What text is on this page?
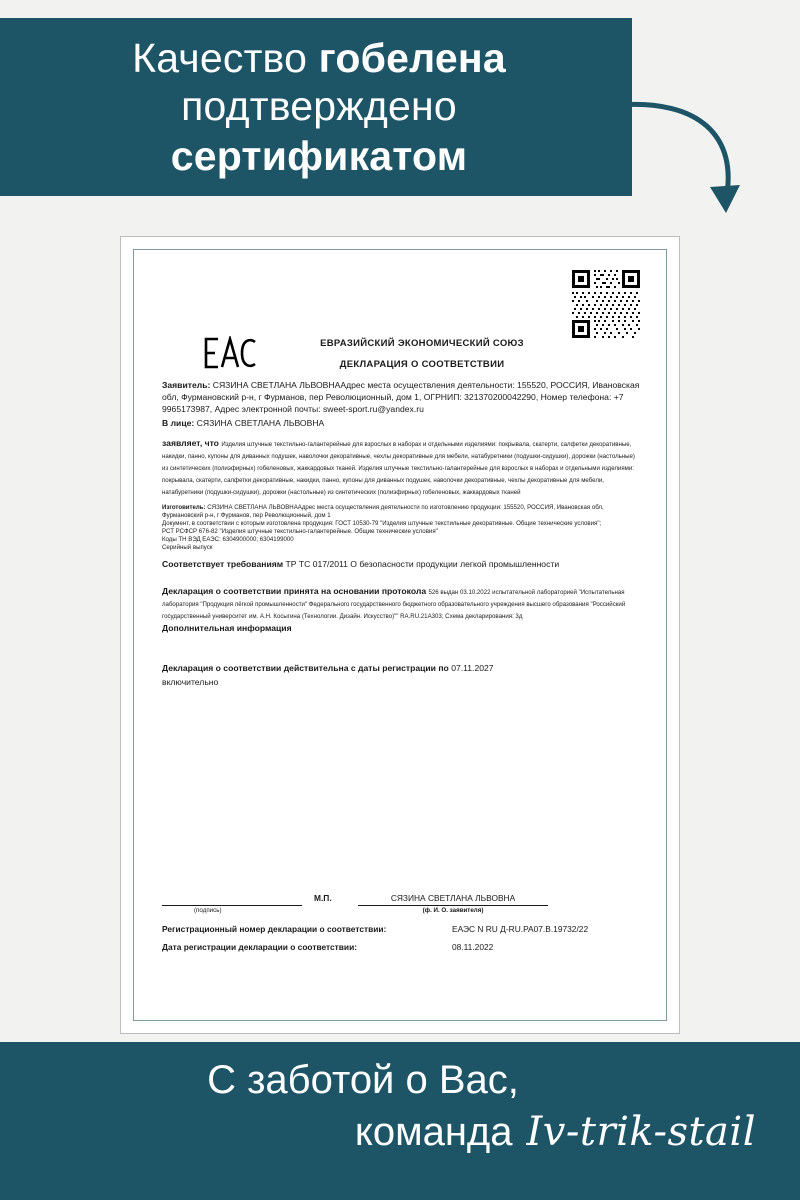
Качество гобелена
подтверждено
сертификатом
ЕВРАЗИЙСКИЙ ЭКОНОМИЧЕСКИЙ СОЮЗ
ДЕКЛАРАЦИЯ О СООТВЕТСТВИИ

Заявитель: СЯЗИНА СВЕТЛАНА ЛЬВОВНААдрес места осуществления деятельности: 155520, РОССИЯ, Ивановская обл, Фурмановский р-н, г Фурманов, пер Революционный, дом 1, ОГРНИП: 321370200042290, Номер телефона: +7 9965173987, Адрес электронной почты: sweet-sport.ru@yandex.ru

В лице: СЯЗИНА СВЕТЛАНА ЛЬВОВНА

заявляет, что Изделия штучные текстильно-галантерейные для взрослых в наборах и отдельными изделиями: покрывала, скатерти, салфетки декоративные, накидки, панно, купоны для диванных подушек, наволочки декоративные, чехлы декоративные для мебели, натабуретники (подушки-сидушки), дорожки (настольные) из синтетических (полиэфирных) гобеленовых, жаккардовых тканей. Изделия штучные текстильно-галантерейные для взрослых в наборах и отдельными изделиями: покрывала, скатерти, салфетки декоративные, накидки, панно, купоны для диванных подушек, наволочки декоративные, чехлы декоративные для мебели, натабуретники (подушки-сидушки), дорожки (настольные) из синтетических (полиэфирных) гобеленовых, жаккардовых тканей

Изготовитель: СЯЗИНА СВЕТЛАНА ЛЬВОВНААдрес места осуществления деятельности по изготовлению продукции: 155520, РОССИЯ, Ивановская обл, Фурмановский р-н, г Фурманов, пер Революционный, дом 1

Документ, в соответствии с которым изготовлена продукция: ГОСТ 10530-79 "Изделия штучные текстильные декоративные. Общие технические условия";

РСТ РСФСР 676-82 "Изделия штучные текстильно-галантерейные. Общие технические условия"

Коды ТН ВЭД ЕАЭС: 6304900000; 6304199000

Серийный выпуск

Соответствует требованиям ТР ТС 017/2011 О безопасности продукции легкой промышленности

Декларация о соответствии принята на основании протокола 526 выдан 03.10.2022 испытательной лабораторией "Испытательная лаборатория "Продукция лёгкой промышленности" Федерального государственного бюджетного образовательного учреждения высшего образования "Российский государственный университет им. А.Н. Косыгина (Технологии. Дизайн. Искусство)"" RA.RU.21A303; Схема декларирования: 3д

Дополнительная информация

Декларация о соответствии действительна с даты регистрации по 07.11.2027

включительно

(подпись)
М.П.	СЯЗИНА СВЕТЛАНА ЛЬВОВНА
(ф. И. О. заявителя)
Регистрационный номер декларации о соответствии:	ЕАЭС N RU Д-RU.PA07.B.19732/22
Дата регистрации декларации о соответствии:	08.11.2022
С заботой о Вас,
команда Iv-trik-stail
